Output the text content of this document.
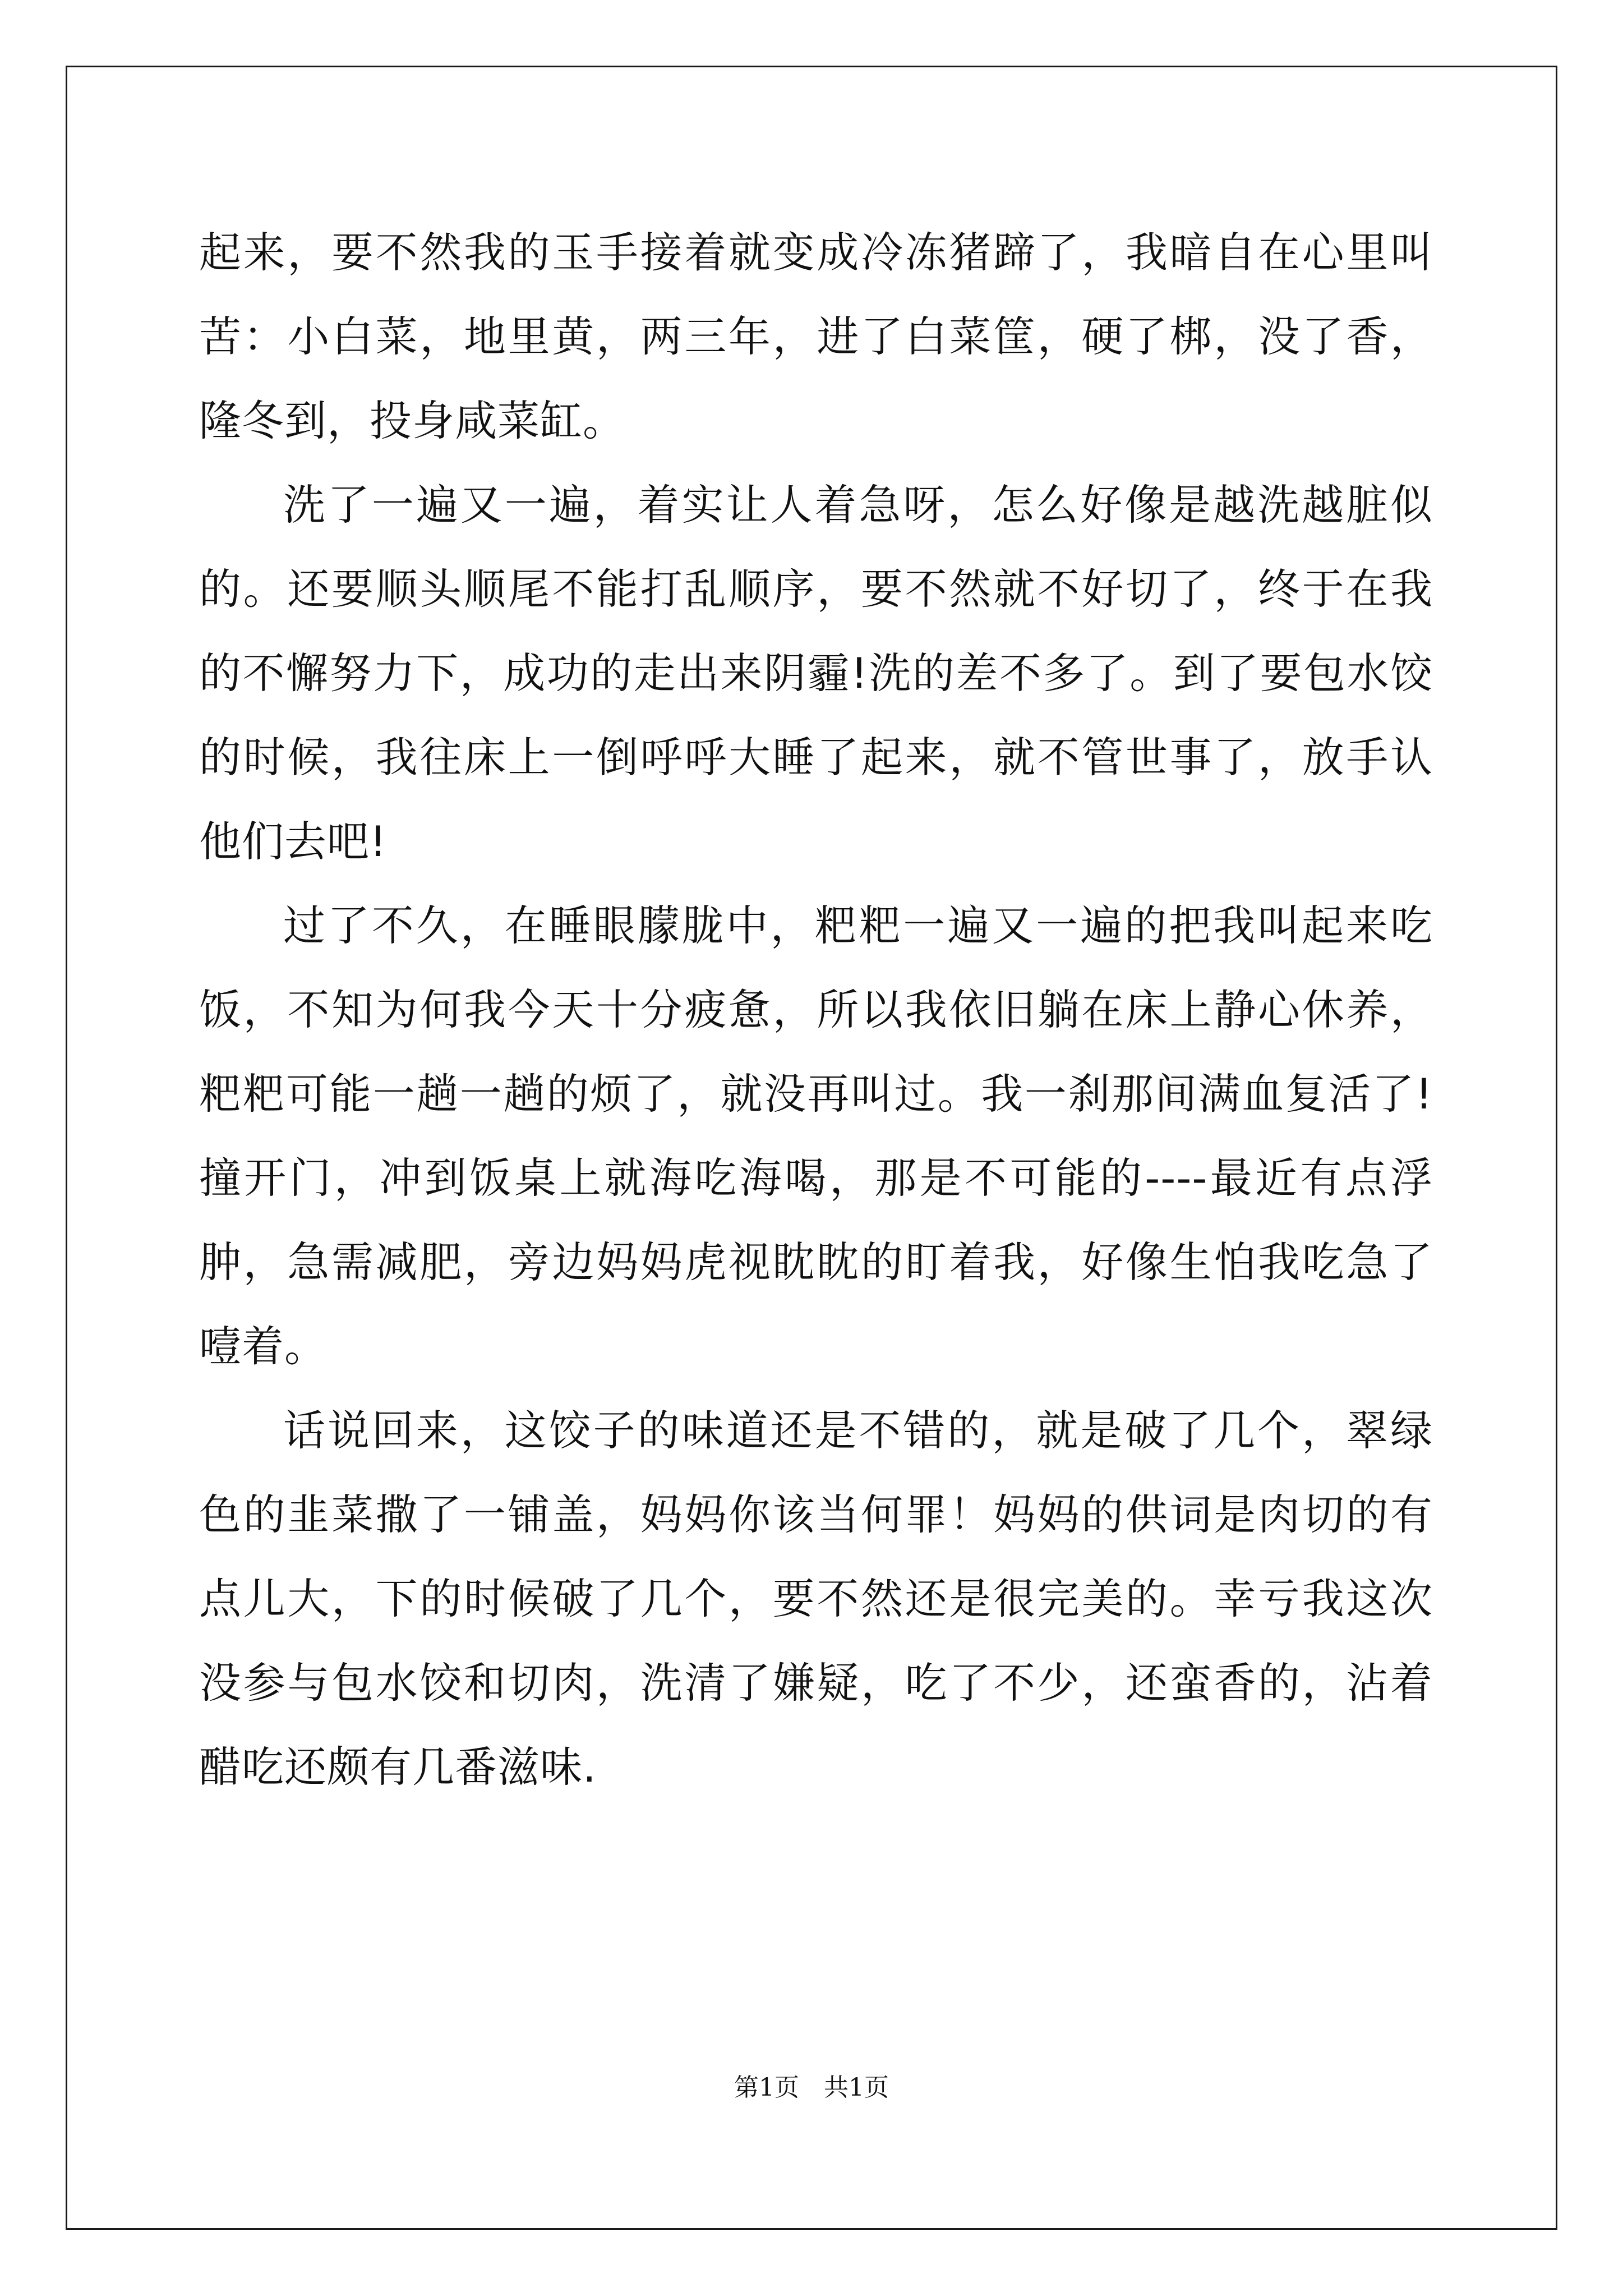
起来，要不然我的玉手接着就变成冷冻猪蹄了，我暗自在心里叫苦：小白菜，地里黄，两三年，进了白菜筐，硬了梆，没了香，隆冬到，投身咸菜缸。

洗了一遍又一遍，着实让人着急呀，怎么好像是越洗越脏似的。还要顺头顺尾不能打乱顺序，要不然就不好切了，终于在我的不懈努力下，成功的走出来阴霾!洗的差不多了。到了要包水饺的时候，我往床上一倒呼呼大睡了起来，就不管世事了，放手认他们去吧!

过了不久，在睡眼朦胧中，粑粑一遍又一遍的把我叫起来吃饭，不知为何我今天十分疲惫，所以我依旧躺在床上静心休养，粑粑可能一趟一趟的烦了，就没再叫过。我一刹那间满血复活了!撞开门，冲到饭桌上就海吃海喝，那是不可能的----最近有点浮肿，急需减肥，旁边妈妈虎视眈眈的盯着我，好像生怕我吃急了噎着。

话说回来，这饺子的味道还是不错的，就是破了几个，翠绿色的韭菜撒了一铺盖，妈妈你该当何罪！妈妈的供词是肉切的有点儿大，下的时候破了几个，要不然还是很完美的。幸亏我这次没参与包水饺和切肉，洗清了嫌疑，吃了不少，还蛮香的，沾着醋吃还颇有几番滋味.

第1页　共1页
